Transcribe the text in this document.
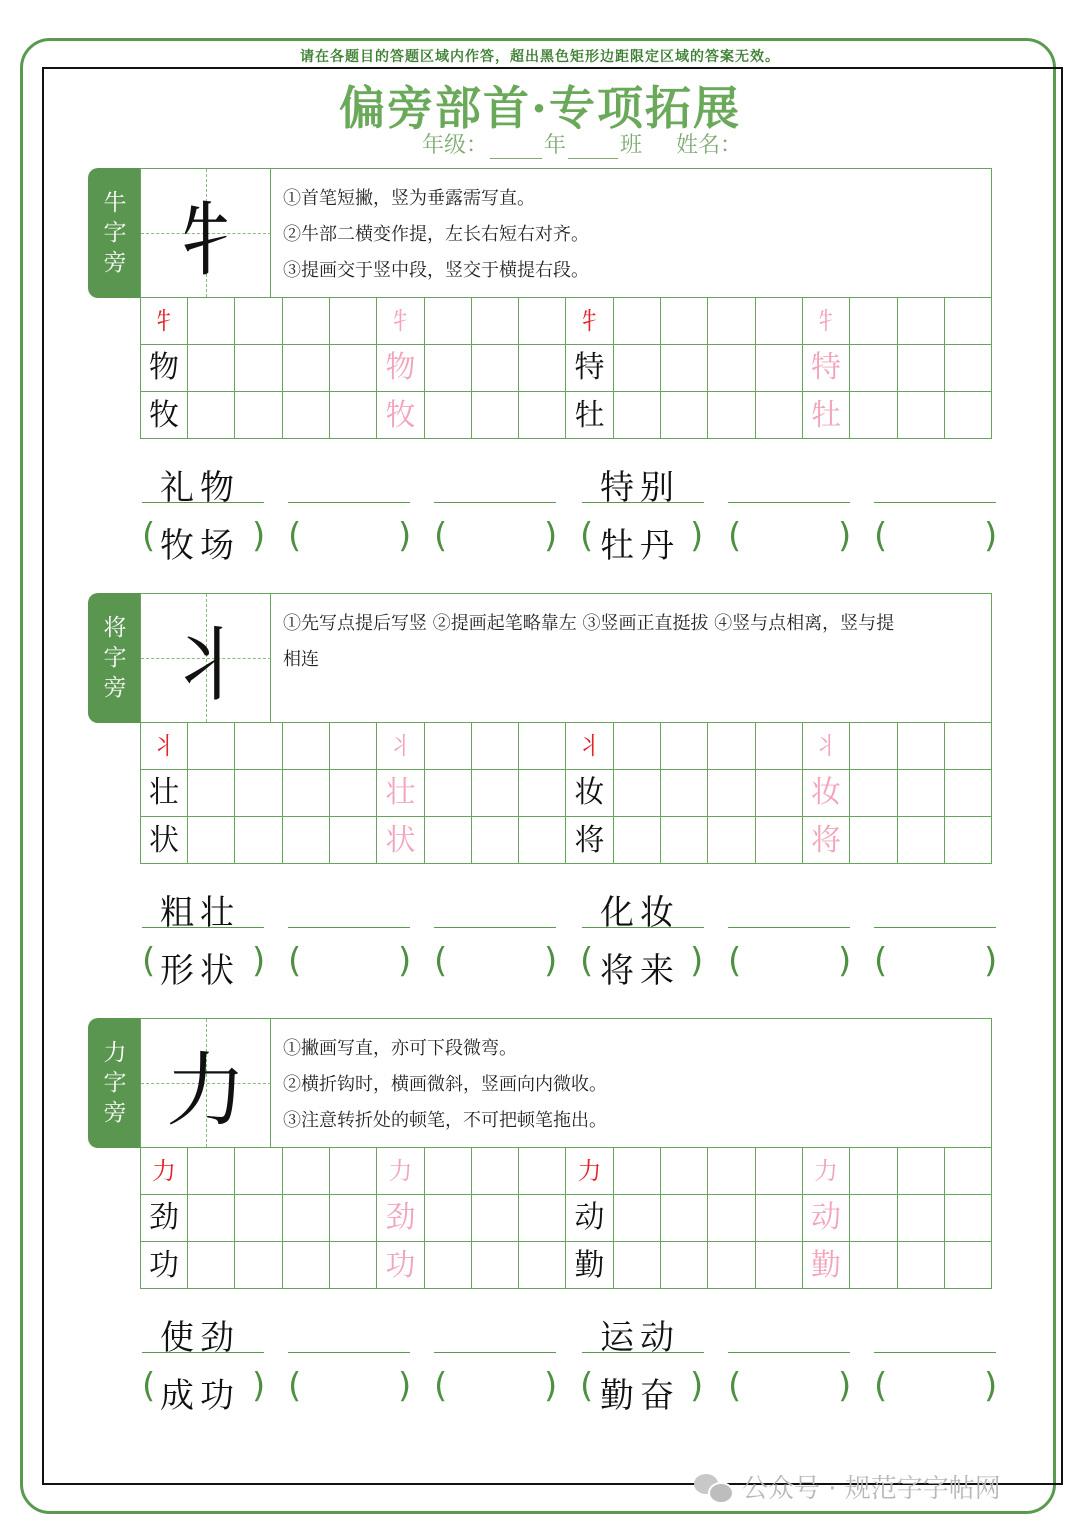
请在各题目的答题区域内作答，超出黑色矩形边距限定区域的答案无效。
偏旁部首·专项拓展
年级：	年 班 姓名：
牛
字
旁 牜	①首笔短撇，竖为垂露需写直。
②牛部二横变作提，左长右短右对齐。
③提画交于竖中段，竖交于横提右段。
牜	牜	牜	牜
物	物	特	特
牧	牧	牡	牡
礼物	特别
(	) (	) (	) (	) (	) (	)
牧场	牡丹
将
字
旁 丬	①先写点提后写竖 ②提画起笔略靠左 ③竖画正直挺拔 ④竖与点相离，竖与提
相连
丬	丬	丬	丬
壮	壮	妆	妆
状	状	将	将
粗壮	化妆
(	) (	) (	) (	) (	) (	)
形状	将来
力
字
旁 力	①撇画写直，亦可下段微弯。
②横折钩时，横画微斜，竖画向内微收。
③注意转折处的顿笔，不可把顿笔拖出。
力	力	力	力
劲	劲	动	动
功	功	勤	勤
使劲	运动
(	) (	) (	) (	) (	) (	)
成功	勤奋
公众号 · 规范字字帖网
